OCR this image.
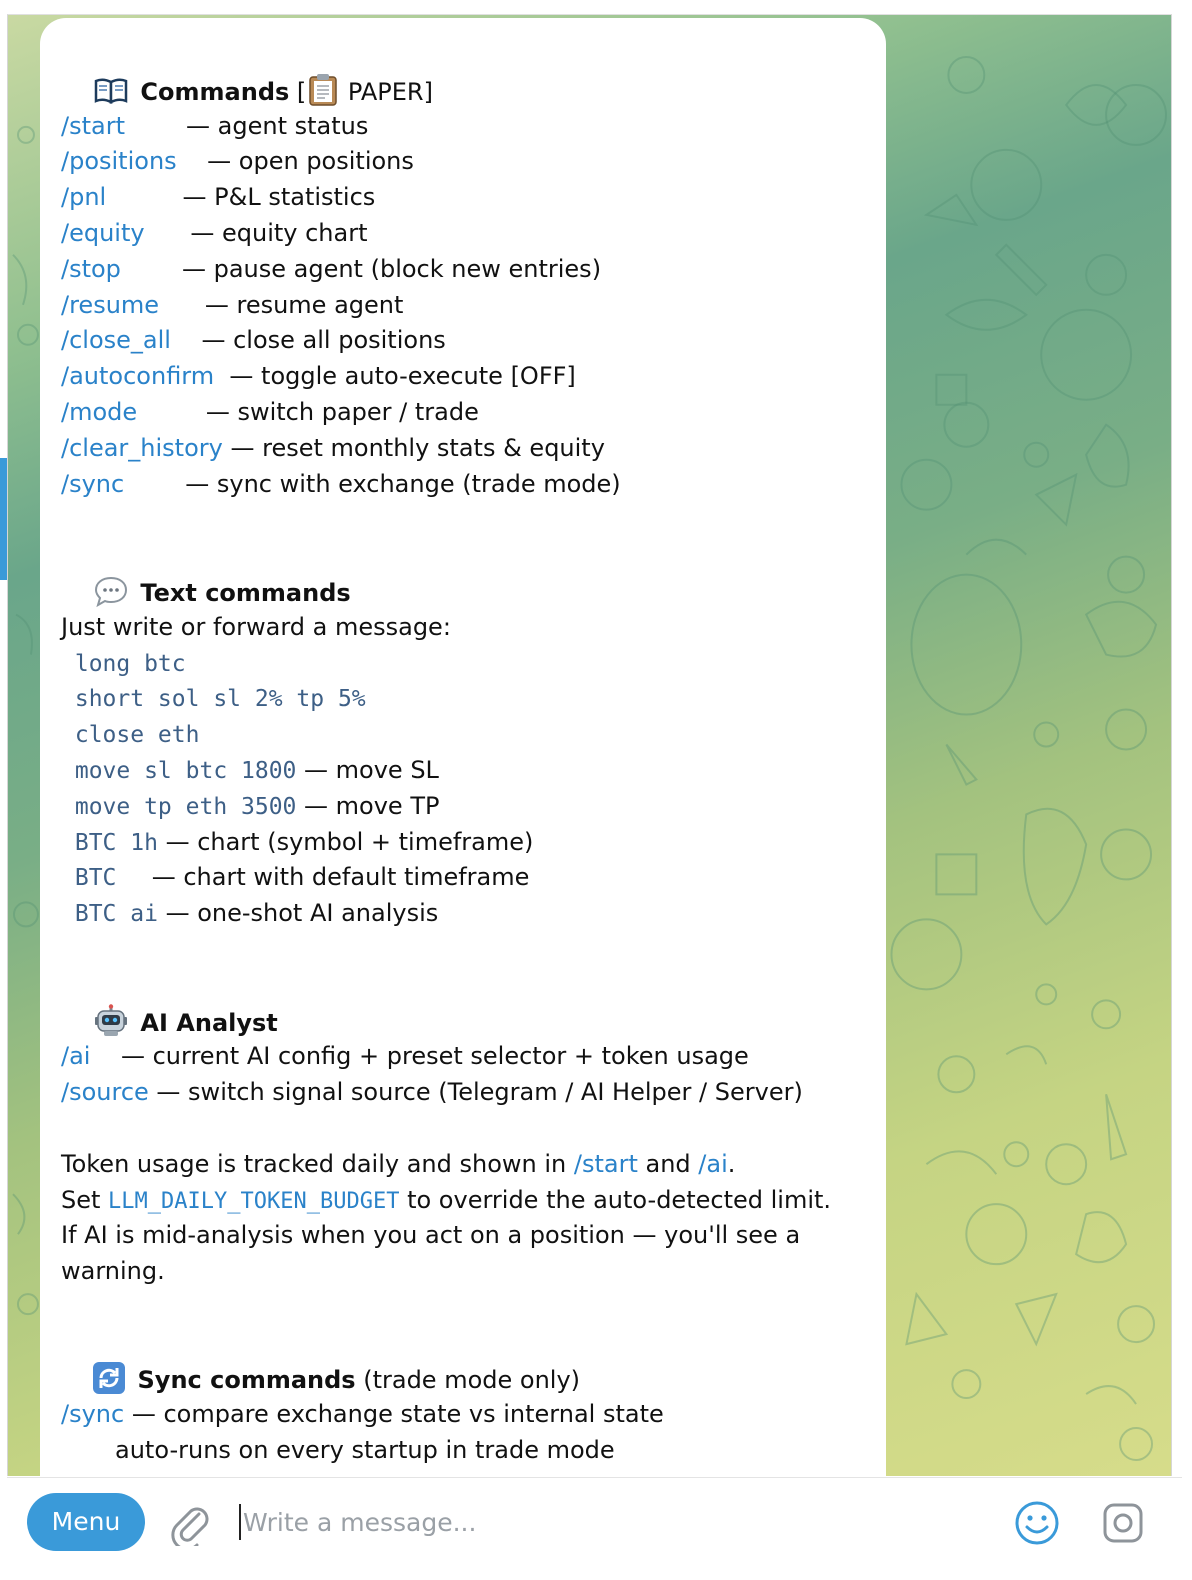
Commands [ PAPER]

/start	— agent status
/positions — open positions
/pnl	— P&L statistics
/equity — equity chart
/stop	— pause agent (block new entries)
/resume — resume agent
/close_all — close all positions
/autoconfirm — toggle auto-execute [OFF]
/mode	— switch paper / trade
/clear_history — reset monthly stats & equity
/sync	— sync with exchange (trade mode)

Text commands

Just write or forward a message:
long btc
short sol sl 2% tp 5%
close eth
move sl btc 1800 — move SL
move tp eth 3500 — move TP
BTC 1h — chart (symbol + timeframe)
BTC   — chart with default timeframe
BTC ai — one-shot AI analysis

AI Analyst

/ai — current AI config + preset selector + token usage
/source — switch signal source (Telegram / AI Helper / Server)
Token usage is tracked daily and shown in /start and /ai.
Set LLM_DAILY_TOKEN_BUDGET to override the auto-detected limit.
If AI is mid-analysis when you act on a position — you'll see a warning.

Sync commands (trade mode only)

/sync — compare exchange state vs internal state
auto-runs on every startup in trade mode
Menu
Write a message...
